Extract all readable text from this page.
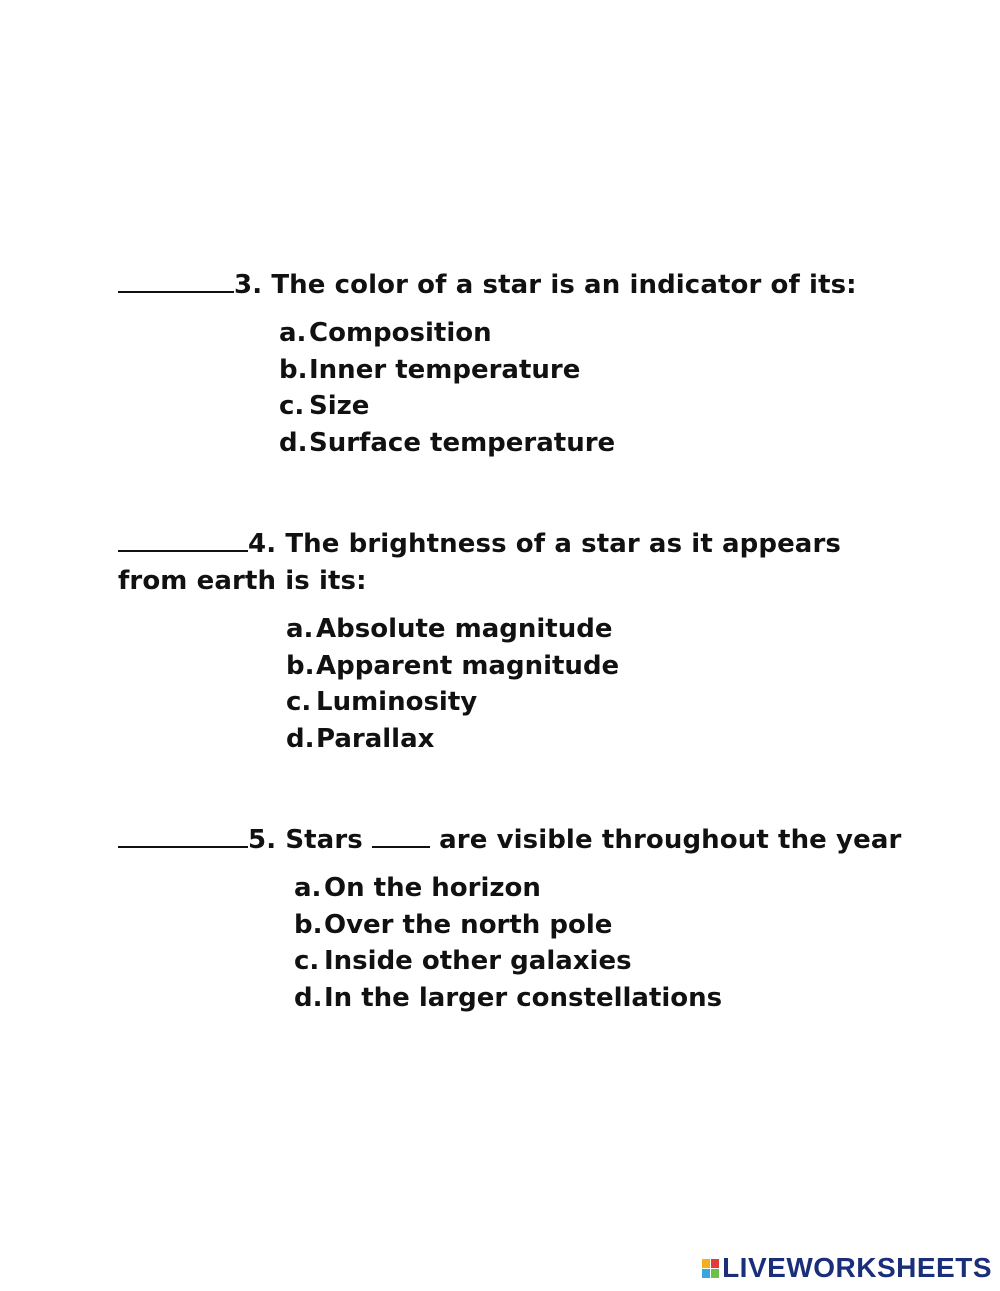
3. The color of a star is an indicator of its:
a.Composition
b.Inner temperature
c. Size
d.Surface temperature
4. The brightness of a star as it appears from earth is its:
a.Absolute magnitude
b.Apparent magnitude
c. Luminosity
d.Parallax
5. Stars  are visible throughout the year
a.On the horizon
b.Over the north pole
c. Inside other galaxies
d.In the larger constellations
LIVEWORKSHEETS
